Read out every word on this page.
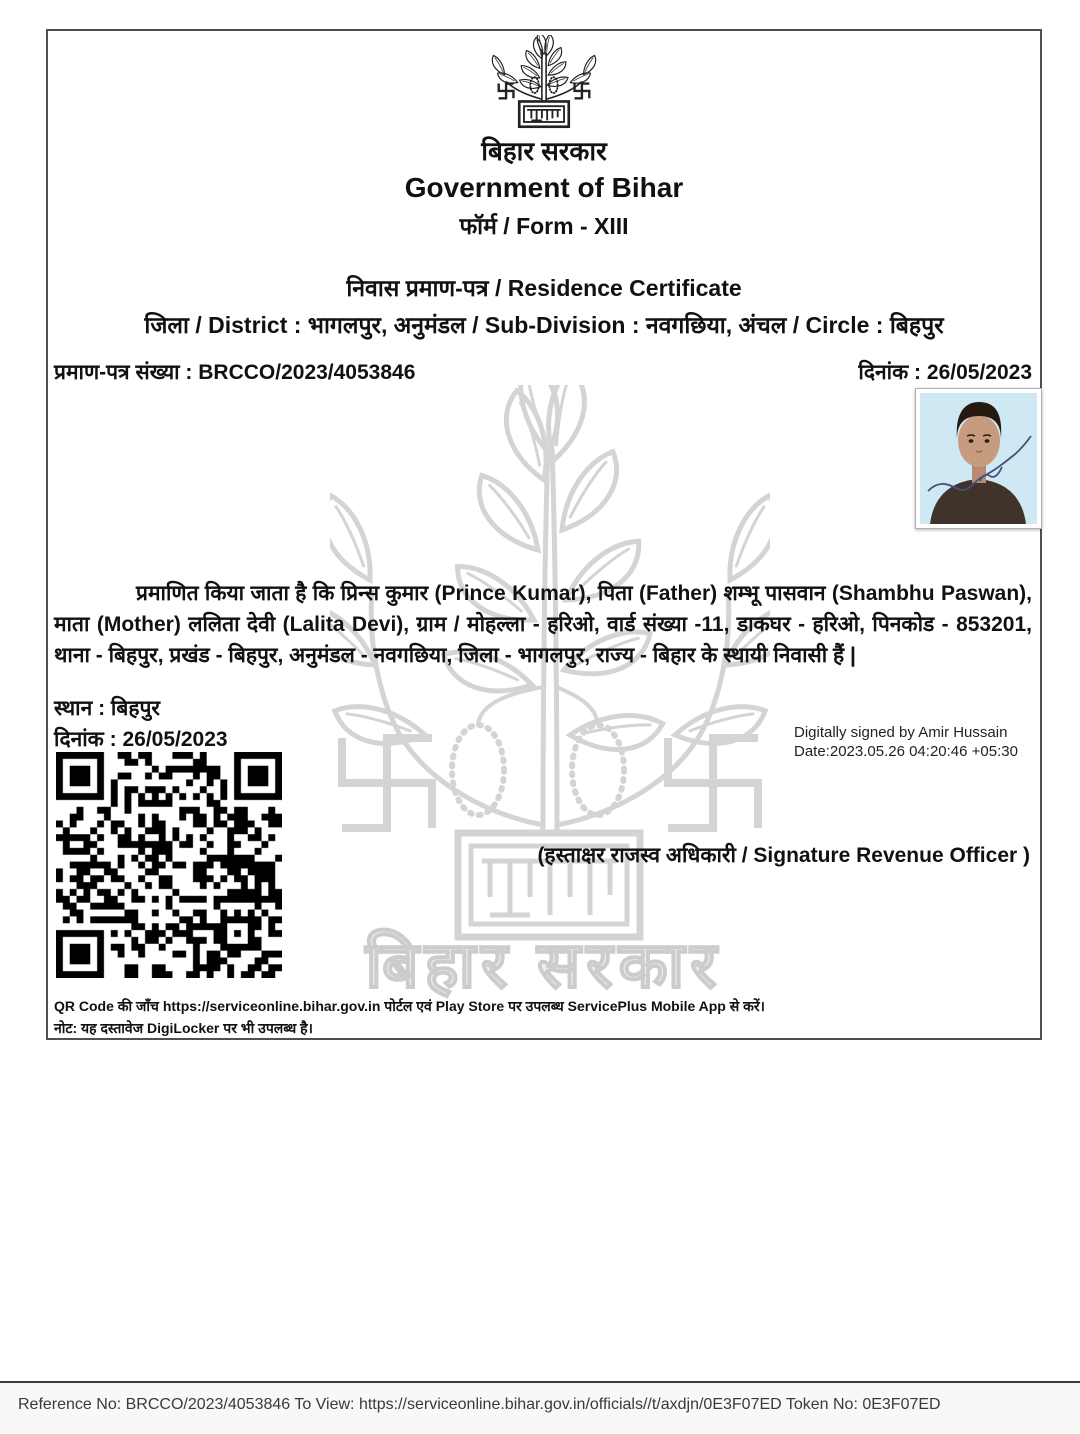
बिहार सरकार
बिहार सरकार
Government of Bihar
फॉर्म / Form - XIII
निवास प्रमाण-पत्र / Residence Certificate
जिला / District : भागलपुर, अनुमंडल / Sub-Division : नवगछिया, अंचल / Circle : बिहपुर
प्रमाण-पत्र संख्या : BRCCO/2023/4053846	दिनांक : 26/05/2023
प्रमाणित किया जाता है कि प्रिन्स कुमार (Prince Kumar), पिता (Father) शम्भू पासवान (Shambhu Paswan), माता (Mother) ललिता देवी (Lalita Devi), ग्राम / मोहल्ला - हरिओ, वार्ड संख्या -11, डाकघर - हरिओ, पिनकोड - 853201, थाना - बिहपुर, प्रखंड - बिहपुर, अनुमंडल - नवगछिया, जिला - भागलपुर, राज्य - बिहार के स्थायी निवासी हैं |
स्थान : बिहपुर
दिनांक : 26/05/2023	Digitally signed by Amir Hussain
Date:2023.05.26 04:20:46 +05:30
(हस्ताक्षर राजस्व अधिकारी / Signature Revenue Officer )
QR Code की जाँच https://serviceonline.bihar.gov.in पोर्टल एवं Play Store पर उपलब्ध ServicePlus Mobile App से करें।
नोट: यह दस्तावेज DigiLocker पर भी उपलब्ध है।
Reference No: BRCCO/2023/4053846 To View: https://serviceonline.bihar.gov.in/officials//t/axdjn/0E3F07ED Token No: 0E3F07ED
